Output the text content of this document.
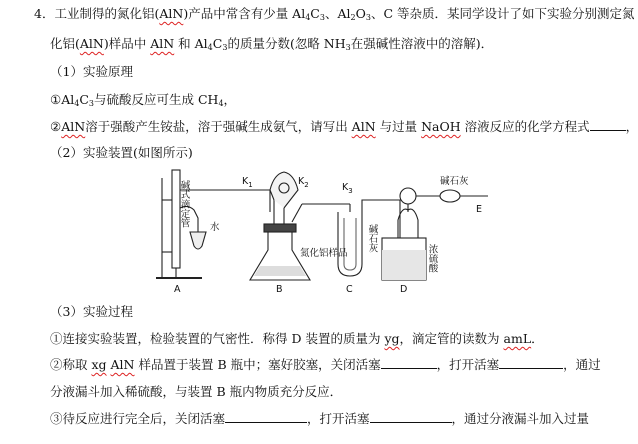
4．工业制得的氮化铝(AlN)产品中常含有少量 $Al_4C_3$、$Al_2O_3$、C 等杂质．某同学设计了如下实验分别测定氮
化铝(AlN)样品中 AlN 和 $Al_4C_3$的质量分数(忽略 $NH_3$在强碱性溶液中的溶解)．
（1）实验原理
$①Al_4C_3$与硫酸反应可生成 $CH_4$，
②AlN溶于强酸产生铵盐，溶于强碱生成氨气，请写出 AlN 与过量 NaOH 溶液反应的化学方程式	，
（2）实验装置(如图所示)
碱式滴定管 水
$K_1$	$K_2$	$K_3$
氮化铝样品
碱石灰
浓硫酸
碱石灰
A	B	C	D
E
（3）实验过程
①连接实验装置，检验装置的气密性．称得 D 装置的质量为 yg，滴定管的读数为 amL．
②称取 xg AlN 样品置于装置 B 瓶中；塞好胶塞，关闭活塞	，打开活塞	，通过
分液漏斗加入稀硫酸，与装置 B 瓶内物质充分反应．
③待反应进行完全后，关闭活塞	，打开活塞	，通过分液漏斗加入过量
